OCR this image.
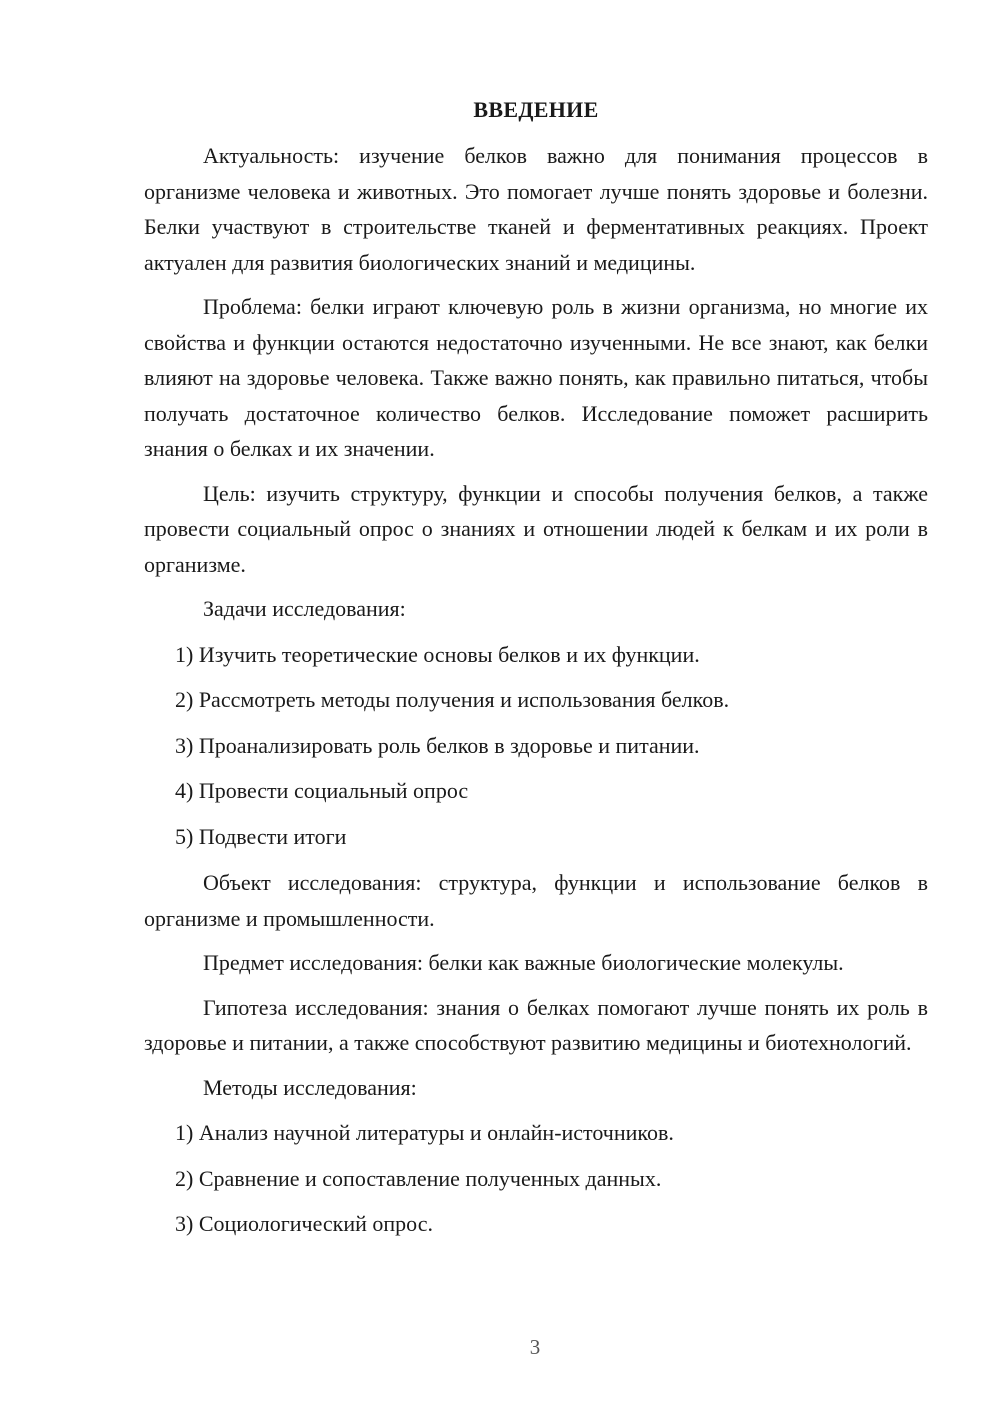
ВВЕДЕНИЕ

Актуальность: изучение белков важно для понимания процессов в организме человека и животных. Это помогает лучше понять здоровье и болезни. Белки участвуют в строительстве тканей и ферментативных реакциях. Проект актуален для развития биологических знаний и медицины.

Проблема: белки играют ключевую роль в жизни организма, но многие их свойства и функции остаются недостаточно изученными. Не все знают, как белки влияют на здоровье человека. Также важно понять, как правильно питаться, чтобы получать достаточное количество белков. Исследование поможет расширить знания о белках и их значении.

Цель: изучить структуру, функции и способы получения белков, а также провести социальный опрос о знаниях и отношении людей к белкам и их роли в организме.

Задачи исследования:
1) Изучить теоретические основы белков и их функции.
2) Рассмотреть методы получения и использования белков.
3) Проанализировать роль белков в здоровье и питании.
4) Провести социальный опрос
5) Подвести итоги

Объект исследования: структура, функции и использование белков в организме и промышленности.

Предмет исследования: белки как важные биологические молекулы.

Гипотеза исследования: знания о белках помогают лучше понять их роль в здоровье и питании, а также способствуют развитию медицины и биотехнологий.

Методы исследования:
1) Анализ научной литературы и онлайн-источников.
2) Сравнение и сопоставление полученных данных.
3) Социологический опрос.
3
